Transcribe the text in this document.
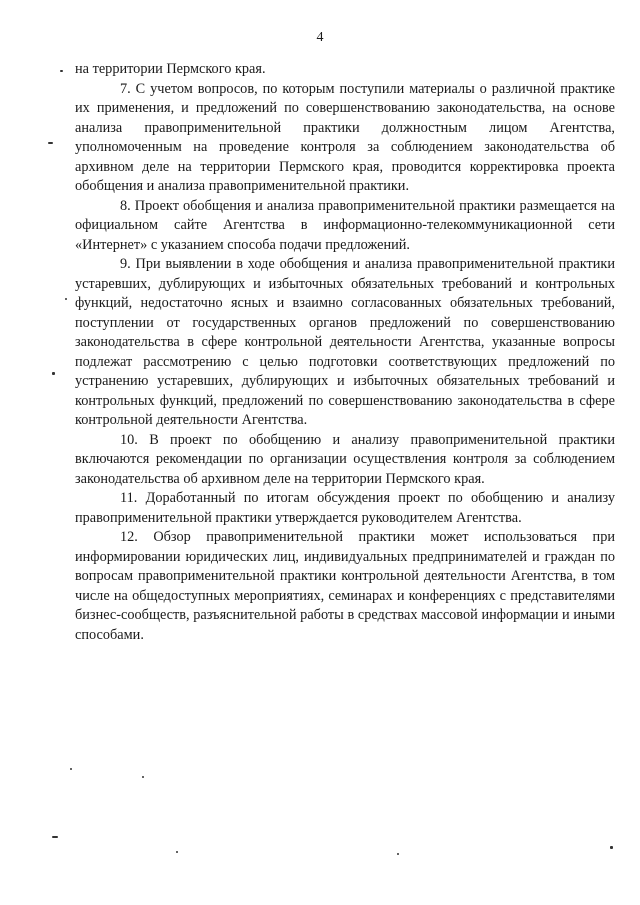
4

на территории Пермского края.

7. С учетом вопросов, по которым поступили материалы о различной практике их применения, и предложений по совершенствованию законодательства, на основе анализа правоприменительной практики должностным лицом Агентства, уполномоченным на проведение контроля за соблюдением законодательства об архивном деле на территории Пермского края, проводится корректировка проекта обобщения и анализа правоприменительной практики.

8. Проект обобщения и анализа правоприменительной практики размещается на официальном сайте Агентства в информационно-телекоммуникационной сети «Интернет» с указанием способа подачи предложений.

9. При выявлении в ходе обобщения и анализа правоприменительной практики устаревших, дублирующих и избыточных обязательных требований и контрольных функций, недостаточно ясных и взаимно согласованных обязательных требований, поступлении от государственных органов предложений по совершенствованию законодательства в сфере контрольной деятельности Агентства, указанные вопросы подлежат рассмотрению с целью подготовки соответствующих предложений по устранению устаревших, дублирующих и избыточных обязательных требований и контрольных функций, предложений по совершенствованию законодательства в сфере контрольной деятельности Агентства.

10. В проект по обобщению и анализу правоприменительной практики включаются рекомендации по организации осуществления контроля за соблюдением законодательства об архивном деле на территории Пермского края.

11. Доработанный по итогам обсуждения проект по обобщению и анализу правоприменительной практики утверждается руководителем Агентства.

12. Обзор правоприменительной практики может использоваться при информировании юридических лиц, индивидуальных предпринимателей и граждан по вопросам правоприменительной практики контрольной деятельности Агентства, в том числе на общедоступных мероприятиях, семинарах и конференциях с представителями бизнес-сообществ, разъяснительной работы в средствах массовой информации и иными способами.
